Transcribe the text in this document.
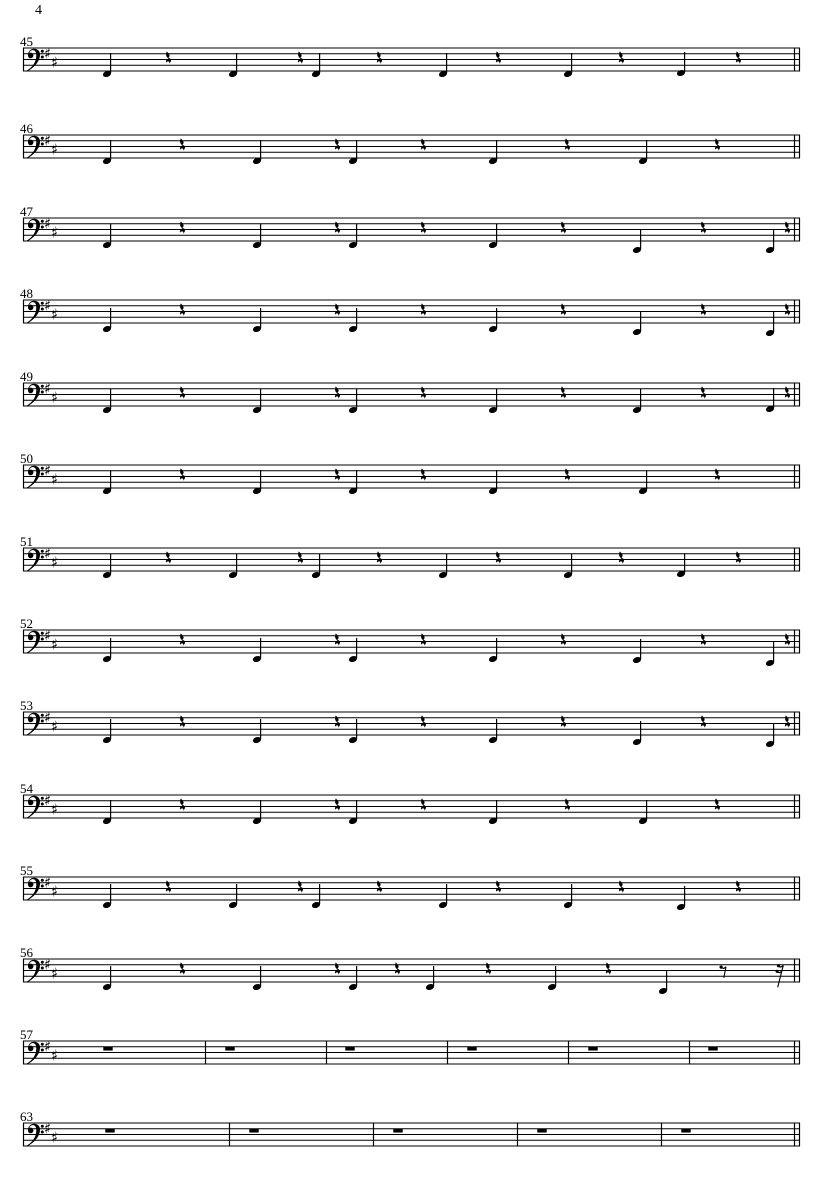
4
45
♯ ♯
46
♯ ♯
47
♯ ♯
48
♯ ♯
49
♯ ♯
50
♯ ♯
51
♯ ♯
52
♯ ♯
53
♯ ♯
54
♯ ♯
55
♯ ♯
56
♯ ♯
57
♯ ♯
63
♯ ♯
